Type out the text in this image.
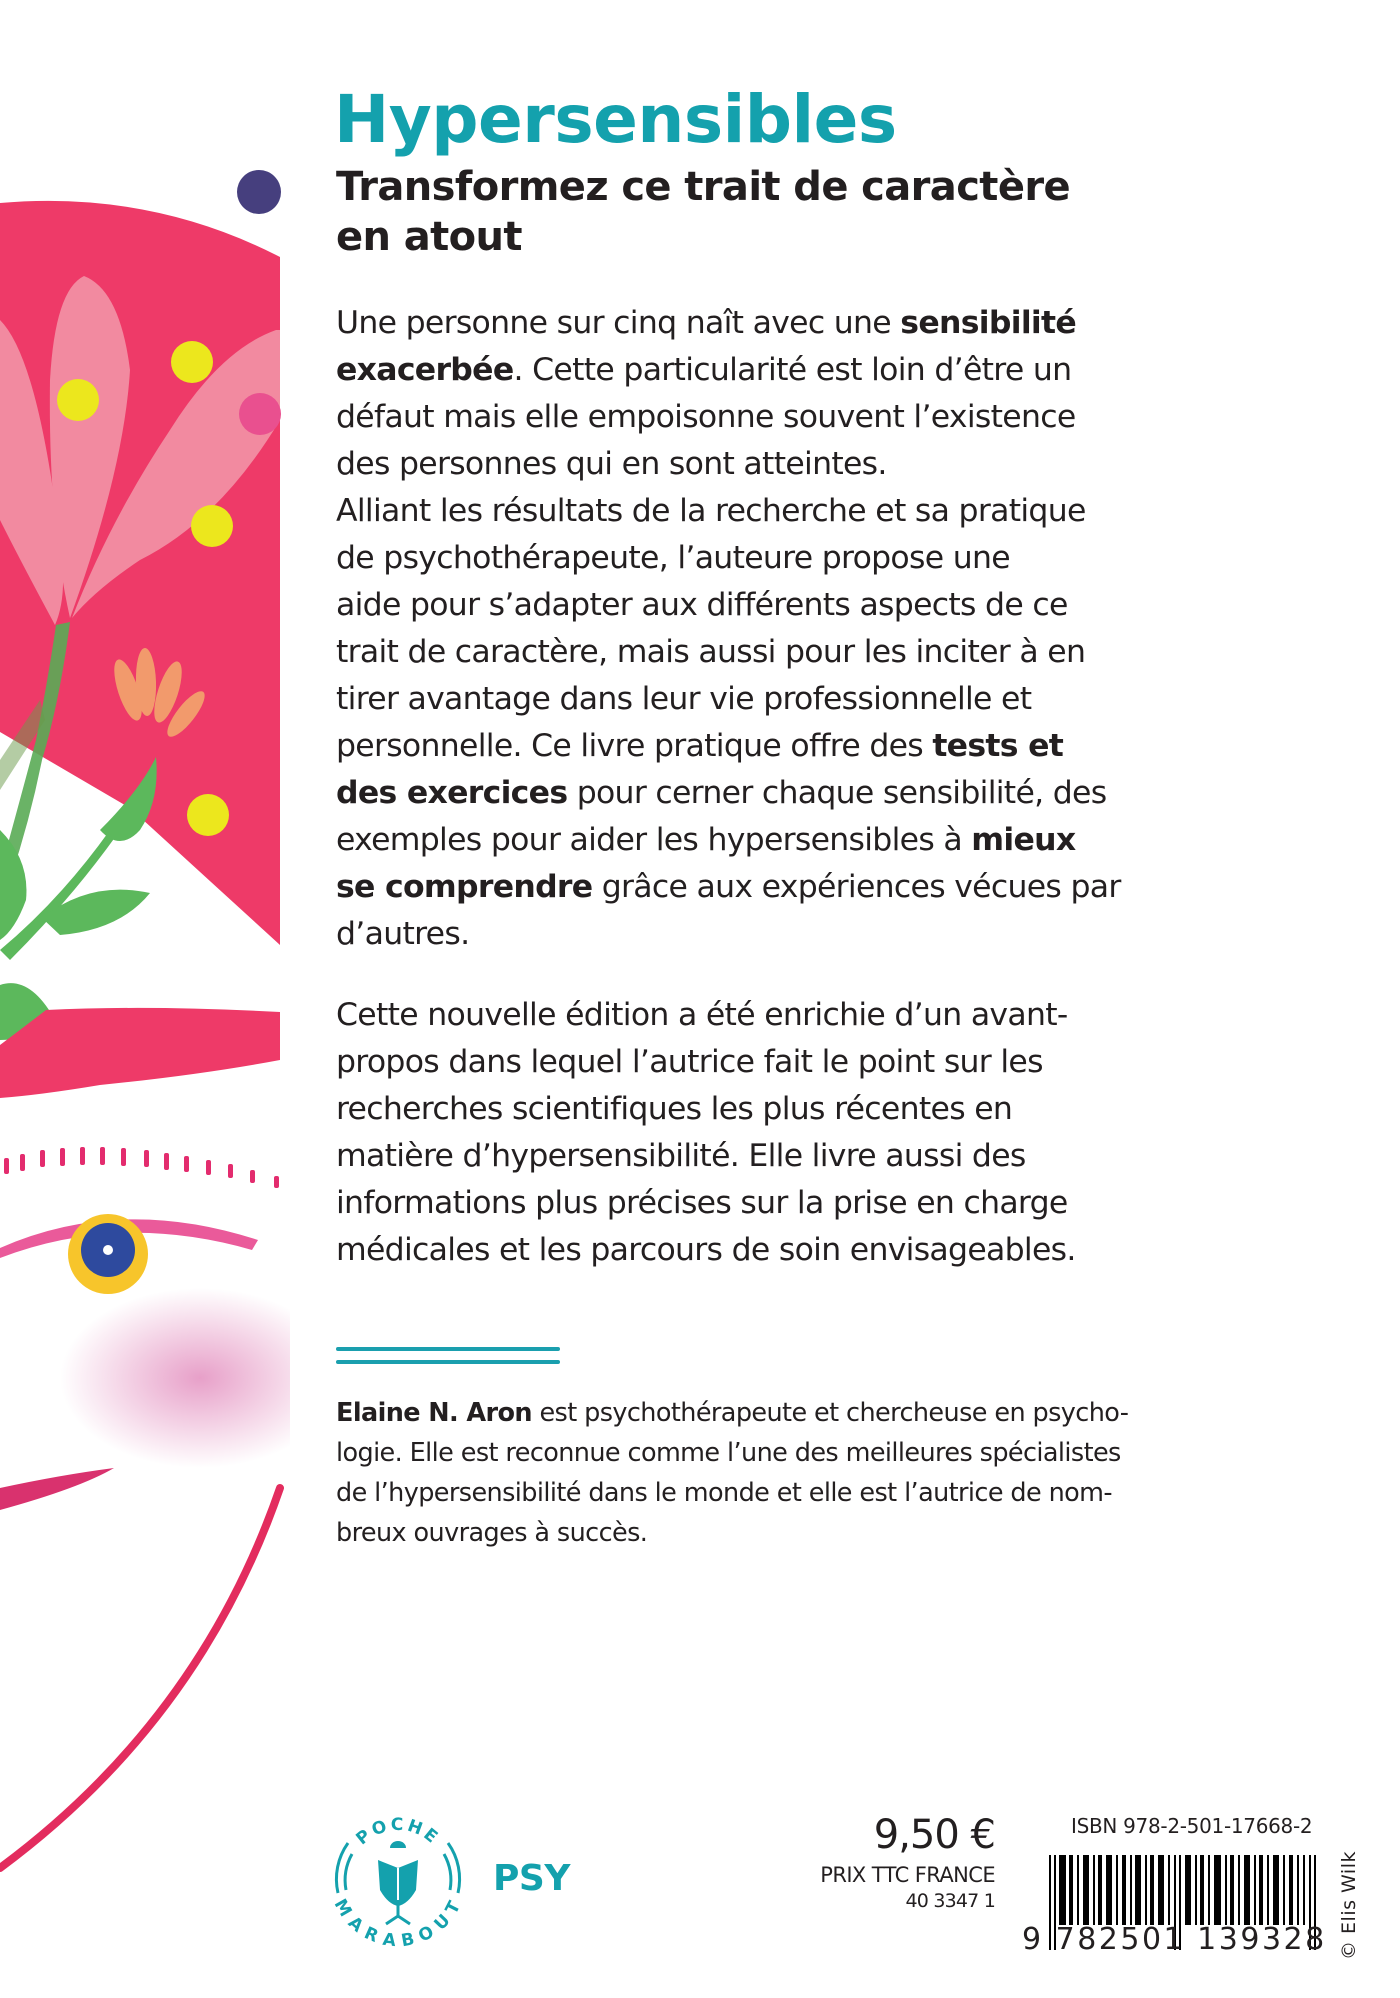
Hypersensibles
Transformez ce trait de caractère
en atout

Une personne sur cinq naît avec une sensibilité
exacerbée. Cette particularité est loin d’être un
défaut mais elle empoisonne souvent l’existence
des personnes qui en sont atteintes.
Alliant les résultats de la recherche et sa pratique
de psychothérapeute, l’auteure propose une
aide pour s’adapter aux différents aspects de ce
trait de caractère, mais aussi pour les inciter à en
tirer avantage dans leur vie professionnelle et
personnelle. Ce livre pratique offre des tests et
des exercices pour cerner chaque sensibilité, des
exemples pour aider les hypersensibles à mieux
se comprendre grâce aux expériences vécues par
d’autres.

Cette nouvelle édition a été enrichie d’un avant-
propos dans lequel l’autrice fait le point sur les
recherches scientifiques les plus récentes en
matière d’hypersensibilité. Elle livre aussi des
informations plus précises sur la prise en charge
médicales et les parcours de soin envisageables.

Elaine N. Aron est psychothérapeute et chercheuse en psycho-
logie. Elle est reconnue comme l’une des meilleures spécialistes
de l’hypersensibilité dans le monde et elle est l’autrice de nom-
breux ouvrages à succès.

POCHE
MARABOUT
PSY
9,50 €
PRIX TTC FRANCE
40 3347 1
ISBN 978-2-501-17668-2
9 782501 139328 © Elis Wilk
